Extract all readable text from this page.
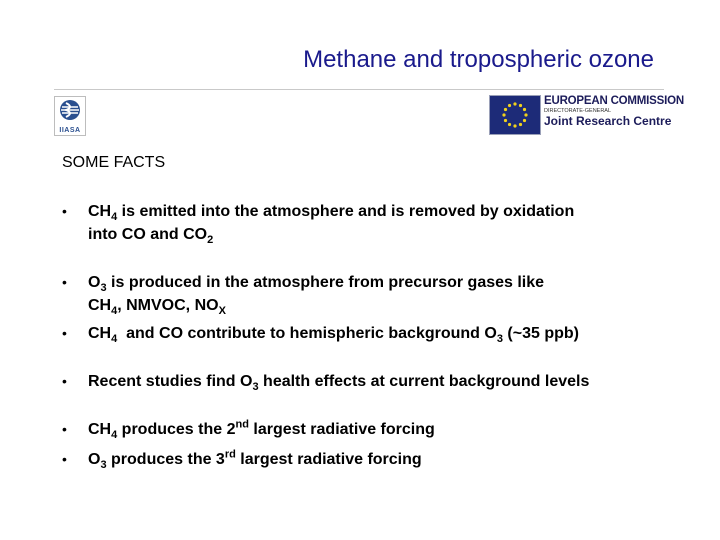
Methane and tropospheric ozone
IIASA
EUROPEAN COMMISSION
DIRECTORATE-GENERAL
Joint Research Centre
SOME FACTS
• $CH_4$ is emitted into the atmosphere and is removed by oxidation
into CO and $CO_2$
• $O_3$ is produced in the atmosphere from precursor gases like
$CH_4$, NMVOC, $NO_X$
• $CH_4$  and CO contribute to hemispheric background $O_3$ (~35 ppb)
• Recent studies find $O_3$ health effects at current background levels
• $CH_4$ produces the 2nd largest radiative forcing
• $O_3$ produces the 3rd largest radiative forcing
